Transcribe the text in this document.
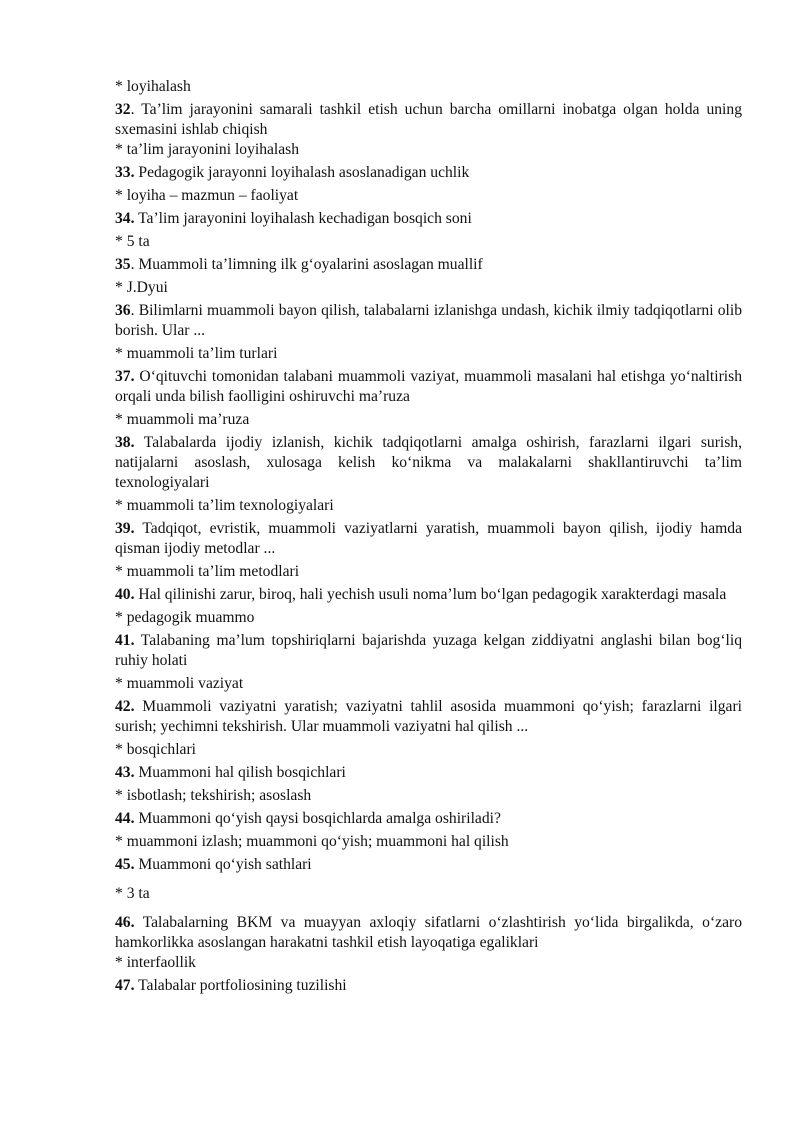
* loyihalash

32. Ta’lim jarayonini samarali tashkil etish uchun barcha omillarni inobatga olgan holda uning sxemasini ishlab chiqish

* ta’lim jarayonini loyihalash

33. Pedagogik jarayonni loyihalash asoslanadigan uchlik

* loyiha – mazmun – faoliyat

34. Ta’lim jarayonini loyihalash kechadigan bosqich soni

* 5 ta

35. Muammoli ta’limning ilk g‘oyalarini asoslagan muallif

* J.Dyui

36. Bilimlarni muammoli bayon qilish, talabalarni izlanishga undash, kichik ilmiy tadqiqotlarni olib borish. Ular ...

* muammoli ta’lim turlari

37. O‘qituvchi tomonidan talabani muammoli vaziyat, muammoli masalani hal etishga yo‘naltirish orqali unda bilish faolligini oshiruvchi ma’ruza

* muammoli ma’ruza

38. Talabalarda ijodiy izlanish, kichik tadqiqotlarni amalga oshirish, farazlarni ilgari surish, natijalarni asoslash, xulosaga kelish ko‘nikma va malakalarni shakllantiruvchi ta’lim texnologiyalari

* muammoli ta’lim texnologiyalari

39. Tadqiqot, evristik, muammoli vaziyatlarni yaratish, muammoli bayon qilish, ijodiy hamda qisman ijodiy metodlar ...

* muammoli ta’lim metodlari

40. Hal qilinishi zarur, biroq, hali yechish usuli noma’lum bo‘lgan pedagogik xarakterdagi masala

* pedagogik muammo

41. Talabaning ma’lum topshiriqlarni bajarishda yuzaga kelgan ziddiyatni anglashi bilan bog‘liq ruhiy holati

* muammoli vaziyat

42. Muammoli vaziyatni yaratish; vaziyatni tahlil asosida muammoni qo‘yish; farazlarni ilgari surish; yechimni tekshirish. Ular muammoli vaziyatni hal qilish ...

* bosqichlari

43. Muammoni hal qilish bosqichlari

* isbotlash; tekshirish; asoslash

44. Muammoni qo‘yish qaysi bosqichlarda amalga oshiriladi?

* muammoni izlash; muammoni qo‘yish; muammoni hal qilish

45. Muammoni qo‘yish sathlari

* 3 ta

46. Talabalarning BKM va muayyan axloqiy sifatlarni o‘zlashtirish yo‘lida birgalikda, o‘zaro hamkorlikka asoslangan harakatni tashkil etish layoqatiga egaliklari

* interfaollik

47. Talabalar portfoliosining tuzilishi
